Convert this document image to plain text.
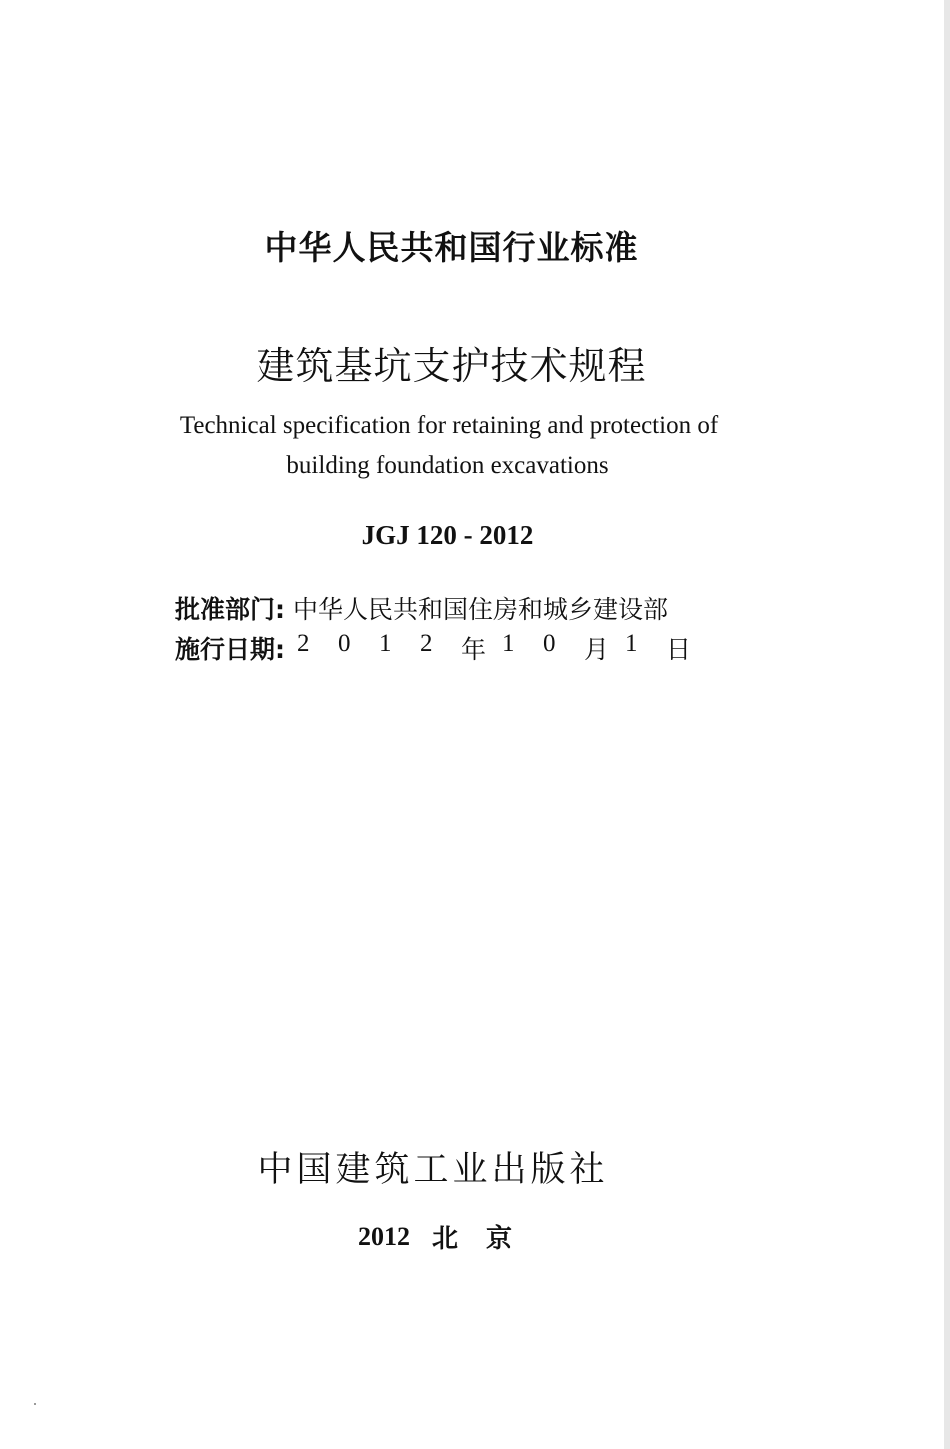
中华人民共和国行业标准
建筑基坑支护技术规程
Technical specification for retaining and protection of
building foundation excavations
JGJ 120 - 2012
批准部门: 中华人民共和国住房和城乡建设部
施行日期: 2	0	1	2	年 1	0	月 1	日
中国建筑工业出版社
2012 北京
